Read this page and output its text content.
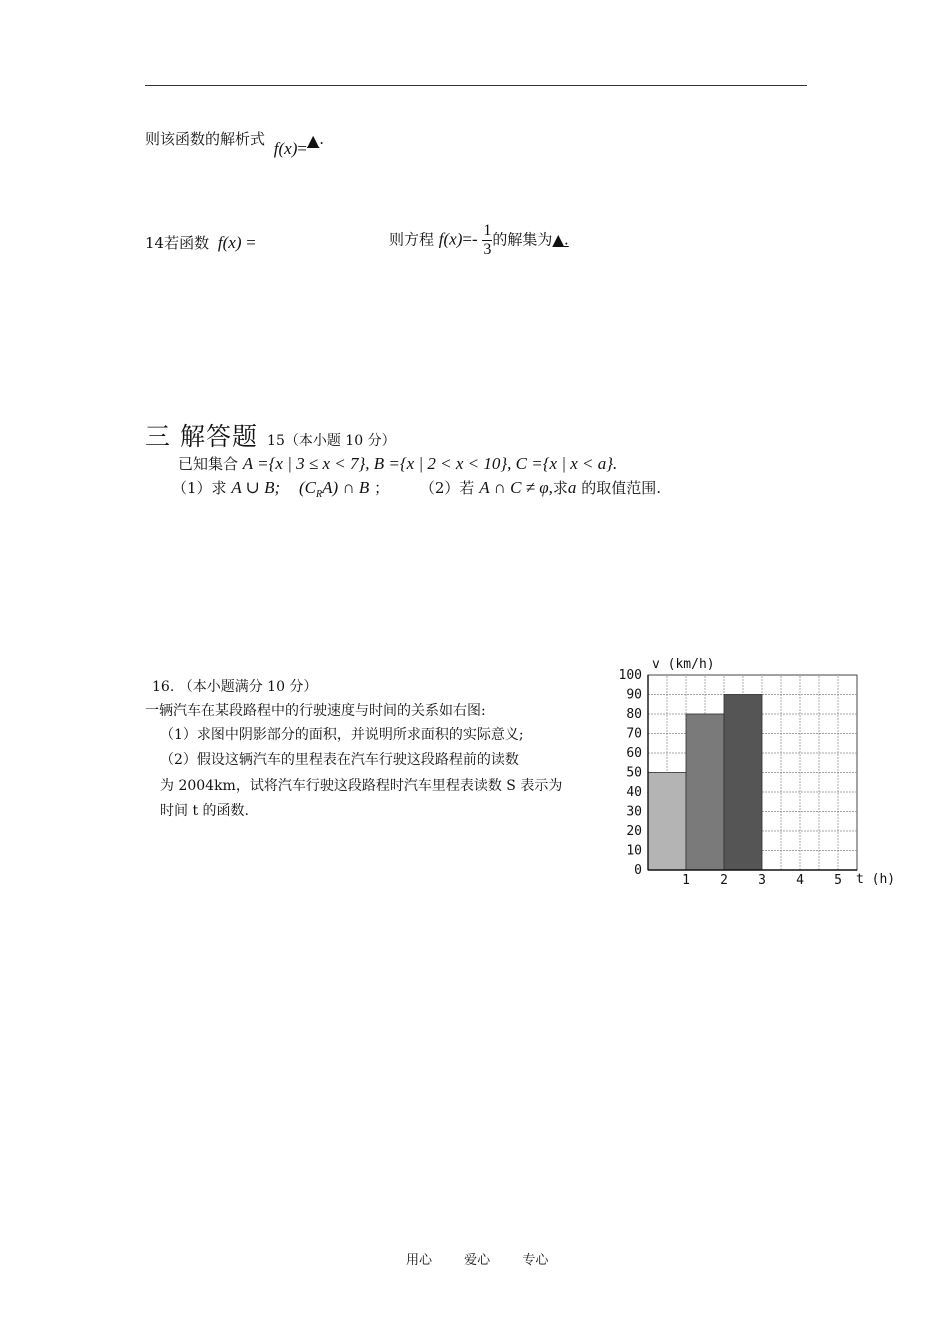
则该函数的解析式 f(x)=▲.
14若函数 f(x) =	则方程 $f(x)=- \frac{1}{3}$ 的解集为▲.
三 解答题 15（本小题 10 分）
已知集合 A ={x | 3 ≤ x < 7}, B ={x | 2 < x < 10}, C ={x | x < a}.
（1）求 A ∪ B; $(C_RA)$ ∩ B ； （2）若 A ∩ C ≠ φ,求a 的取值范围.
16. （本小题满分 10 分）
一辆汽车在某段路程中的行驶速度与时间的关系如右图:
（1）求图中阴影部分的面积，并说明所求面积的实际意义;
（2）假设这辆汽车的里程表在汽车行驶这段路程前的读数
为 2004km，试将汽车行驶这段路程时汽车里程表读数 S 表示为
时间 t 的函数.
v (km/h)
t (h)
0
10
20
30
40
50
60
70
80
90
100
1 2 3 4 5
用心 爱心 专心
